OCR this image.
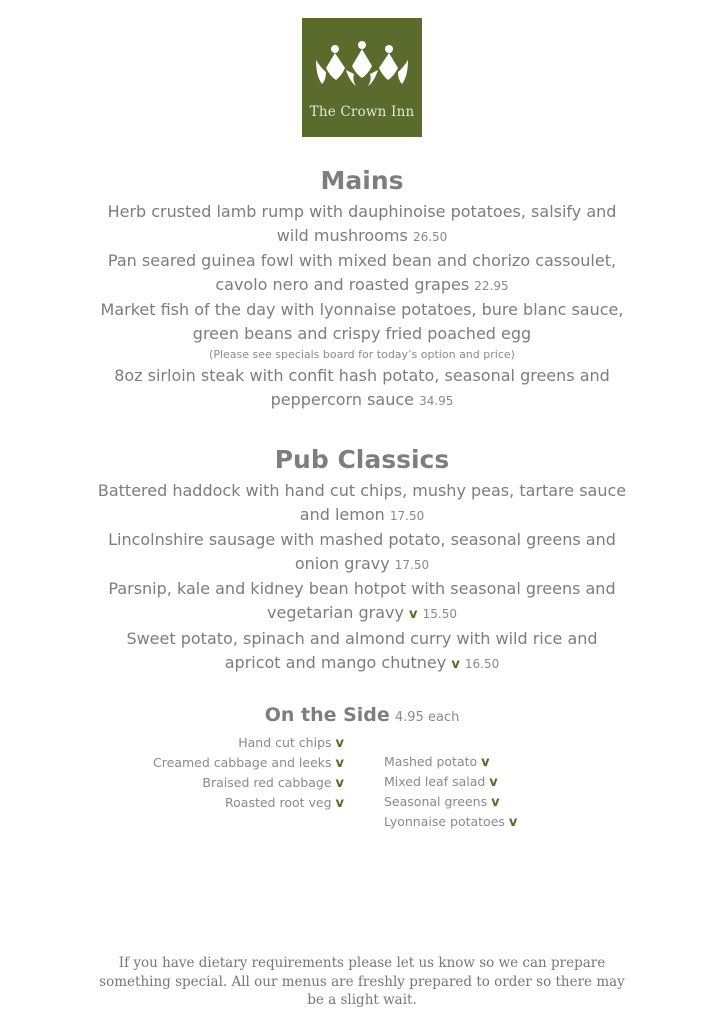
The Crown Inn
Mains
Herb crusted lamb rump with dauphinoise potatoes, salsify and
wild mushrooms 26.50
Pan seared guinea fowl with mixed bean and chorizo cassoulet,
cavolo nero and roasted grapes 22.95
Market fish of the day with lyonnaise potatoes, bure blanc sauce,
green beans and crispy fried poached egg
(Please see specials board for today’s option and price)
8oz sirloin steak with confit hash potato, seasonal greens and
peppercorn sauce 34.95
Pub Classics
Battered haddock with hand cut chips, mushy peas, tartare sauce
and lemon 17.50
Lincolnshire sausage with mashed potato, seasonal greens and
onion gravy 17.50
Parsnip, kale and kidney bean hotpot with seasonal greens and
vegetarian gravy v 15.50
Sweet potato, spinach and almond curry with wild rice and
apricot and mango chutney v 16.50
On the Side 4.95 each
Hand cut chips v
Creamed cabbage and leeks v
Braised red cabbage v
Roasted root veg v
Mashed potato v
Mixed leaf salad v
Seasonal greens v
Lyonnaise potatoes v
If you have dietary requirements please let us know so we can prepare
something special. All our menus are freshly prepared to order so there may
be a slight wait.
